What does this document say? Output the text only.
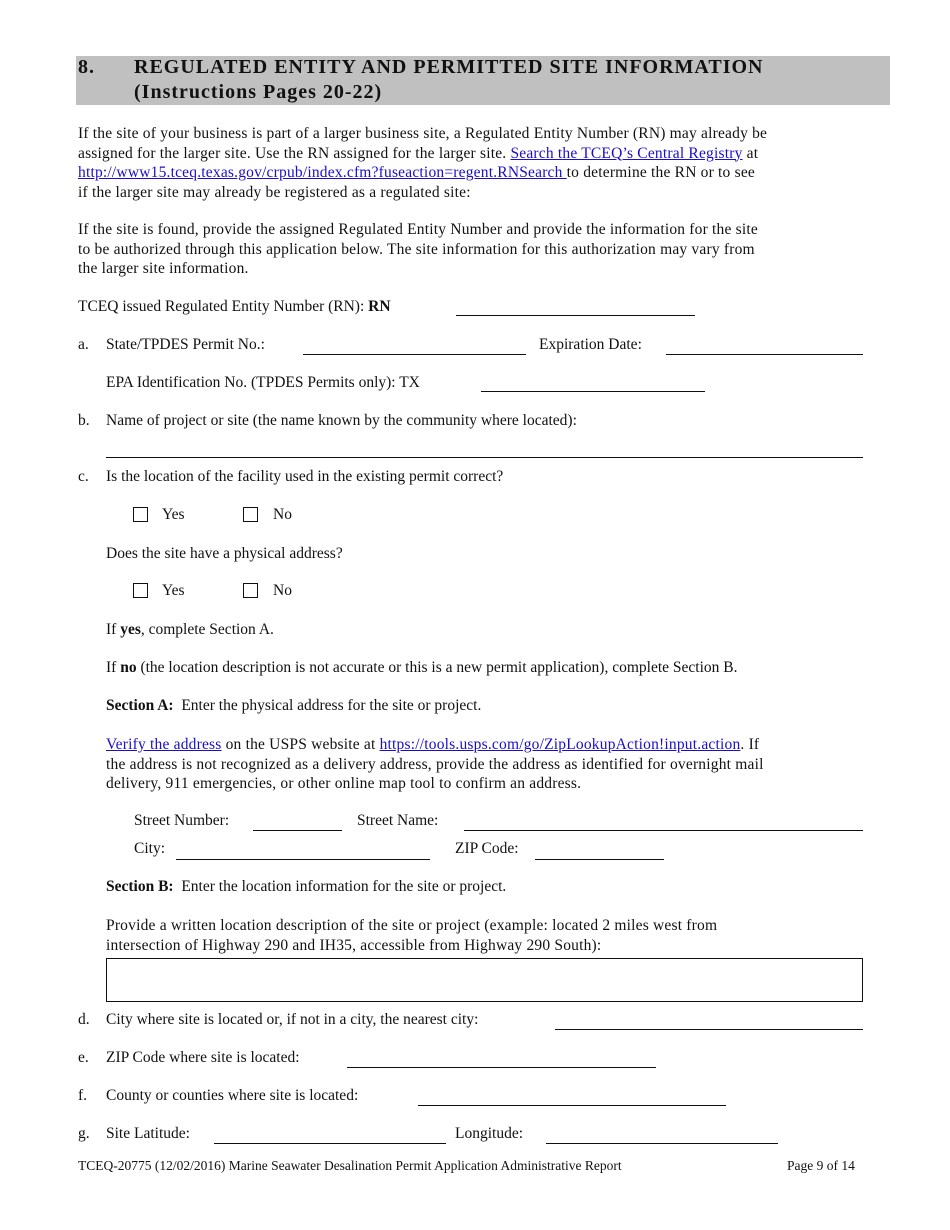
8. REGULATED ENTITY AND PERMITTED SITE INFORMATION
(Instructions Pages 20-22)
If the site of your business is part of a larger business site, a Regulated Entity Number (RN) may already be
assigned for the larger site. Use the RN assigned for the larger site. Search the TCEQ’s Central Registry at
http://www15.tceq.texas.gov/crpub/index.cfm?fuseaction=regent.RNSearch to determine the RN or to see
if the larger site may already be registered as a regulated site:
If the site is found, provide the assigned Regulated Entity Number and provide the information for the site
to be authorized through this application below. The site information for this authorization may vary from
the larger site information.
TCEQ issued Regulated Entity Number (RN): RN
a. State/TPDES Permit No.:	Expiration Date:
EPA Identification No. (TPDES Permits only): TX
b. Name of project or site (the name known by the community where located):
c. Is the location of the facility used in the existing permit correct?
Yes	No
Does the site have a physical address?
Yes	No
If yes, complete Section A.
If no (the location description is not accurate or this is a new permit application), complete Section B.
Section A:  Enter the physical address for the site or project.
Verify the address on the USPS website at https://tools.usps.com/go/ZipLookupAction!input.action. If
the address is not recognized as a delivery address, provide the address as identified for overnight mail
delivery, 911 emergencies, or other online map tool to confirm an address.
Street Number:	Street Name:
City:	ZIP Code:
Section B:  Enter the location information for the site or project.
Provide a written location description of the site or project (example: located 2 miles west from
intersection of Highway 290 and IH35, accessible from Highway 290 South):
d. City where site is located or, if not in a city, the nearest city:
e. ZIP Code where site is located:
f. County or counties where site is located:
g. Site Latitude:	Longitude:
TCEQ-20775 (12/02/2016) Marine Seawater Desalination Permit Application Administrative Report	Page 9 of 14
